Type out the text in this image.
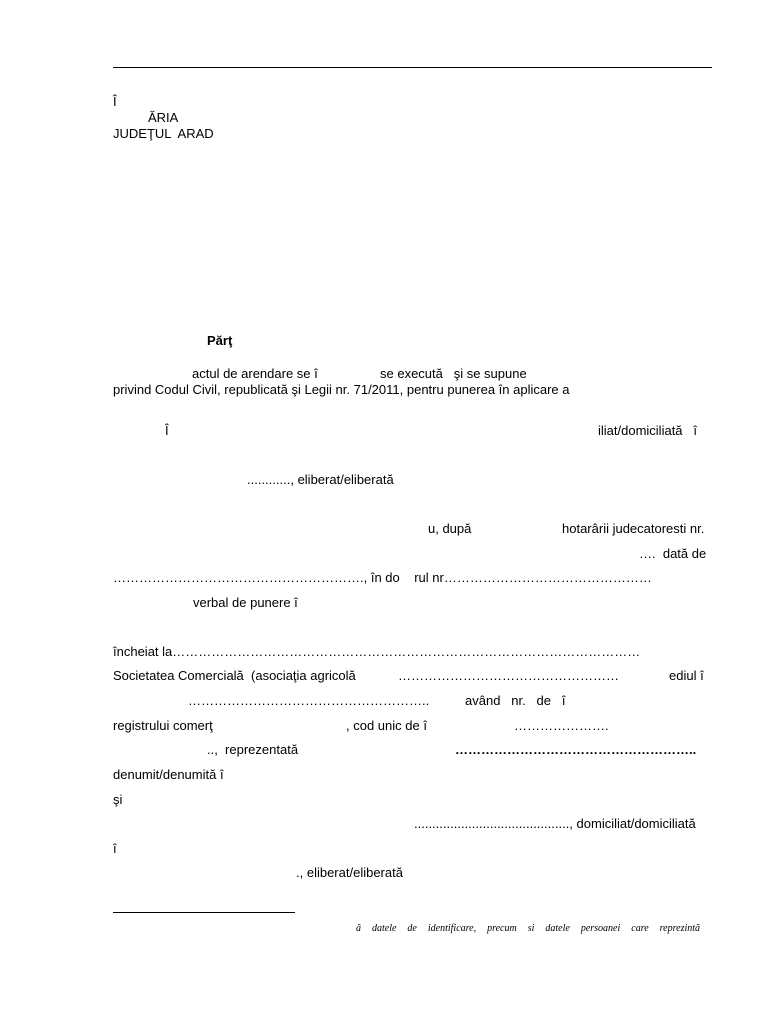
Î
ĂRIA
JUDEŢUL  ARAD
Părţ
actul de arendare se î	se execută   şi se supune
privind Codul Civil, republicată şi Legii nr. 71/2011, pentru punerea în aplicare a
Î	iliat/domiciliată   î
............, eliberat/eliberată
u, după	hotarârii judecatoresti nr.
….  dată de
…………………………………………………., în do    rul nr…………………………………………
verbal de punere î
încheiat la………………………………………………………………………………………………
Societatea Comercială  (asociaţia agricolă	……………………………………………	ediul î
………………………………………………..	având   nr.   de   î
registrului comerţ	, cod unic de î	………………….
..,  reprezentată	………………………………………………..
denumit/denumită î
şi
..........................................., domiciliat/domiciliată
î
., eliberat/eliberată
ă  datele  de  identificare,  precum  si  datele  persoanei  care  reprezintă
